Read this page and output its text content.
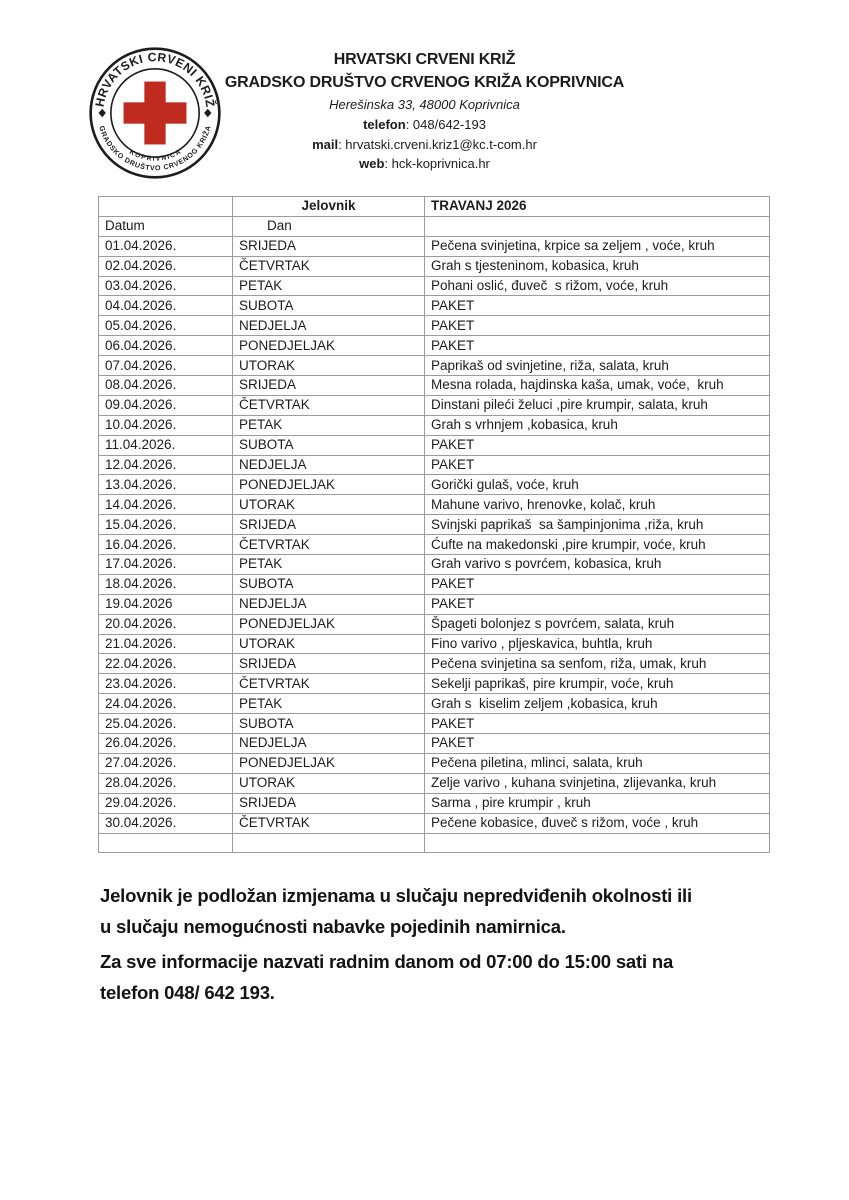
HRVATSKI CRVENI KRIŽ
GRADSKO DRUŠTVO CRVENOG KRIŽA
KOPRIVNICA
HRVATSKI CRVENI KRIŽ
GRADSKO DRUŠTVO CRVENOG KRIŽA KOPRIVNICA
Herešinska 33, 48000 Koprivnica
telefon: 048/642-193
mail: hrvatski.crveni.kriz1@kc.t-com.hr
web: hck-koprivnica.hr
	Jelovnik	TRAVANJ 2026
Datum	Dan	
01.04.2026.	SRIJEDA	Pečena svinjetina, krpice sa zeljem , voće, kruh
02.04.2026.	ČETVRTAK	Grah s tjesteninom, kobasica, kruh
03.04.2026.	PETAK	Pohani oslić, đuveč  s rižom, voće, kruh
04.04.2026.	SUBOTA	PAKET
05.04.2026.	NEDJELJA	PAKET
06.04.2026.	PONEDJELJAK	PAKET
07.04.2026.	UTORAK	Paprikaš od svinjetine, riža, salata, kruh
08.04.2026.	SRIJEDA	Mesna rolada, hajdinska kaša, umak, voće,  kruh
09.04.2026.	ČETVRTAK	Dinstani pileći želuci ,pire krumpir, salata, kruh
10.04.2026.	PETAK	Grah s vrhnjem ,kobasica, kruh
11.04.2026.	SUBOTA	PAKET
12.04.2026.	NEDJELJA	PAKET
13.04.2026.	PONEDJELJAK	Gorički gulaš, voće, kruh
14.04.2026.	UTORAK	Mahune varivo, hrenovke, kolač, kruh
15.04.2026.	SRIJEDA	Svinjski paprikaš  sa šampinjonima ,riža, kruh
16.04.2026.	ČETVRTAK	Ćufte na makedonski ,pire krumpir, voće, kruh
17.04.2026.	PETAK	Grah varivo s povrćem, kobasica, kruh
18.04.2026.	SUBOTA	PAKET
19.04.2026	NEDJELJA	PAKET
20.04.2026.	PONEDJELJAK	Špageti bolonjez s povrćem, salata, kruh
21.04.2026.	UTORAK	Fino varivo , pljeskavica, buhtla, kruh
22.04.2026.	SRIJEDA	Pečena svinjetina sa senfom, riža, umak, kruh
23.04.2026.	ČETVRTAK	Sekelji paprikaš, pire krumpir, voće, kruh
24.04.2026.	PETAK	Grah s  kiselim zeljem ,kobasica, kruh
25.04.2026.	SUBOTA	PAKET
26.04.2026.	NEDJELJA	PAKET
27.04.2026.	PONEDJELJAK	Pečena piletina, mlinci, salata, kruh
28.04.2026.	UTORAK	Zelje varivo , kuhana svinjetina, zlijevanka, kruh
29.04.2026.	SRIJEDA	Sarma , pire krumpir , kruh
30.04.2026.	ČETVRTAK	Pečene kobasice, đuveč s rižom, voće , kruh

Jelovnik je podložan izmjenama u slučaju nepredviđenih okolnosti ili
u slučaju nemogućnosti nabavke pojedinih namirnica.
Za sve informacije nazvati radnim danom od 07:00 do 15:00 sati na
telefon 048/ 642 193.
